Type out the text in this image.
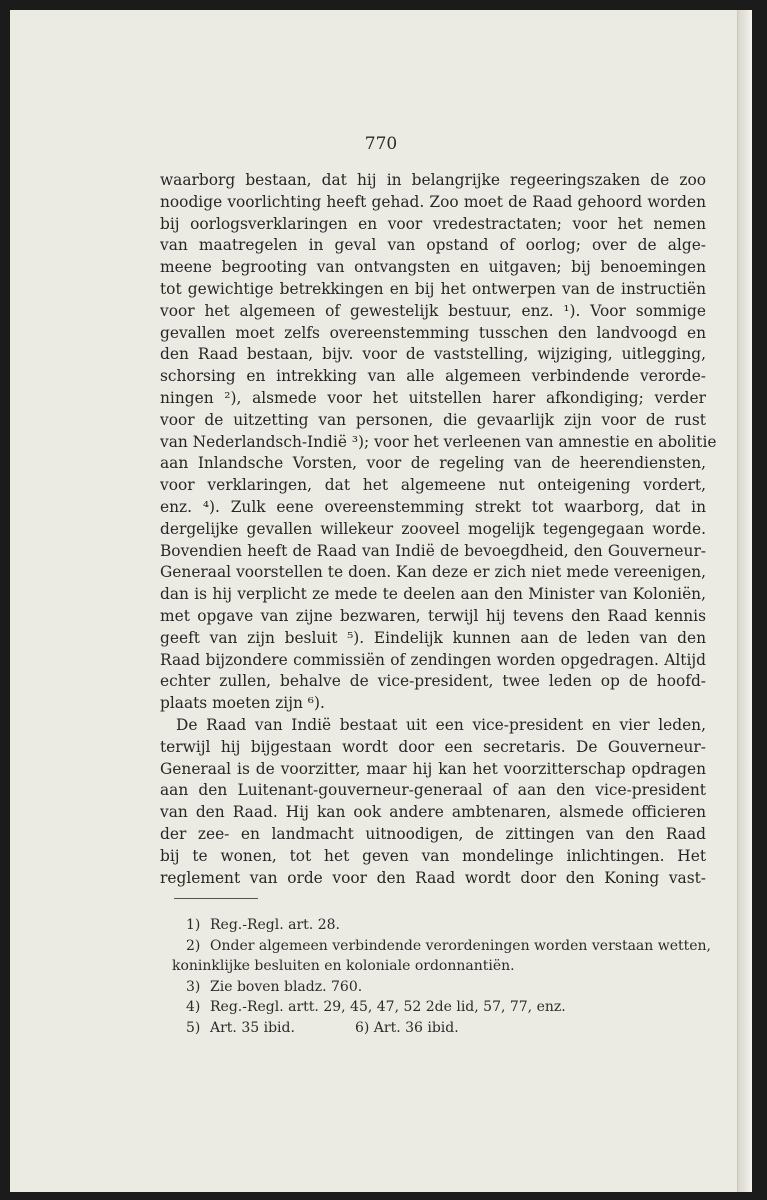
770
waarborg bestaan, dat hij in belangrijke regeeringszaken de zoo
noodige voorlichting heeft gehad. Zoo moet de Raad gehoord worden
bij oorlogsverklaringen en voor vredestractaten; voor het nemen
van maatregelen in geval van opstand of oorlog; over de alge-
meene begrooting van ontvangsten en uitgaven; bij benoemingen
tot gewichtige betrekkingen en bij het ontwerpen van de instructiën
voor het algemeen of gewestelijk bestuur, enz. ¹). Voor sommige
gevallen moet zelfs overeenstemming tusschen den landvoogd en
den Raad bestaan, bijv. voor de vaststelling, wijziging, uitlegging,
schorsing en intrekking van alle algemeen verbindende verorde-
ningen ²), alsmede voor het uitstellen harer afkondiging; verder
voor de uitzetting van personen, die gevaarlijk zijn voor de rust
van Nederlandsch-Indië ³); voor het verleenen van amnestie en abolitie
aan Inlandsche Vorsten, voor de regeling van de heerendiensten,
voor verklaringen, dat het algemeene nut onteigening vordert,
enz. ⁴). Zulk eene overeenstemming strekt tot waarborg, dat in
dergelijke gevallen willekeur zooveel mogelijk tegengegaan worde.
Bovendien heeft de Raad van Indië de bevoegdheid, den Gouverneur-
Generaal voorstellen te doen. Kan deze er zich niet mede vereenigen,
dan is hij verplicht ze mede te deelen aan den Minister van Koloniën,
met opgave van zijne bezwaren, terwijl hij tevens den Raad kennis
geeft van zijn besluit ⁵). Eindelijk kunnen aan de leden van den
Raad bijzondere commissiën of zendingen worden opgedragen. Altijd
echter zullen, behalve de vice-president, twee leden op de hoofd-
plaats moeten zijn ⁶).
De Raad van Indië bestaat uit een vice-president en vier leden,
terwijl hij bijgestaan wordt door een secretaris. De Gouverneur-
Generaal is de voorzitter, maar hij kan het voorzitterschap opdragen
aan den Luitenant-gouverneur-generaal of aan den vice-president
van den Raad. Hij kan ook andere ambtenaren, alsmede officieren
der zee- en landmacht uitnoodigen, de zittingen van den Raad
bij te wonen, tot het geven van mondelinge inlichtingen. Het
reglement van orde voor den Raad wordt door den Koning vast-
1) Reg.-Regl. art. 28.
2) Onder algemeen verbindende verordeningen worden verstaan wetten,
koninklijke besluiten en koloniale ordonnantiën.
3) Zie boven bladz. 760.
4) Reg.-Regl. artt. 29, 45, 47, 52 2de lid, 57, 77, enz.
5) Art. 35 ibid.	6) Art. 36 ibid.
